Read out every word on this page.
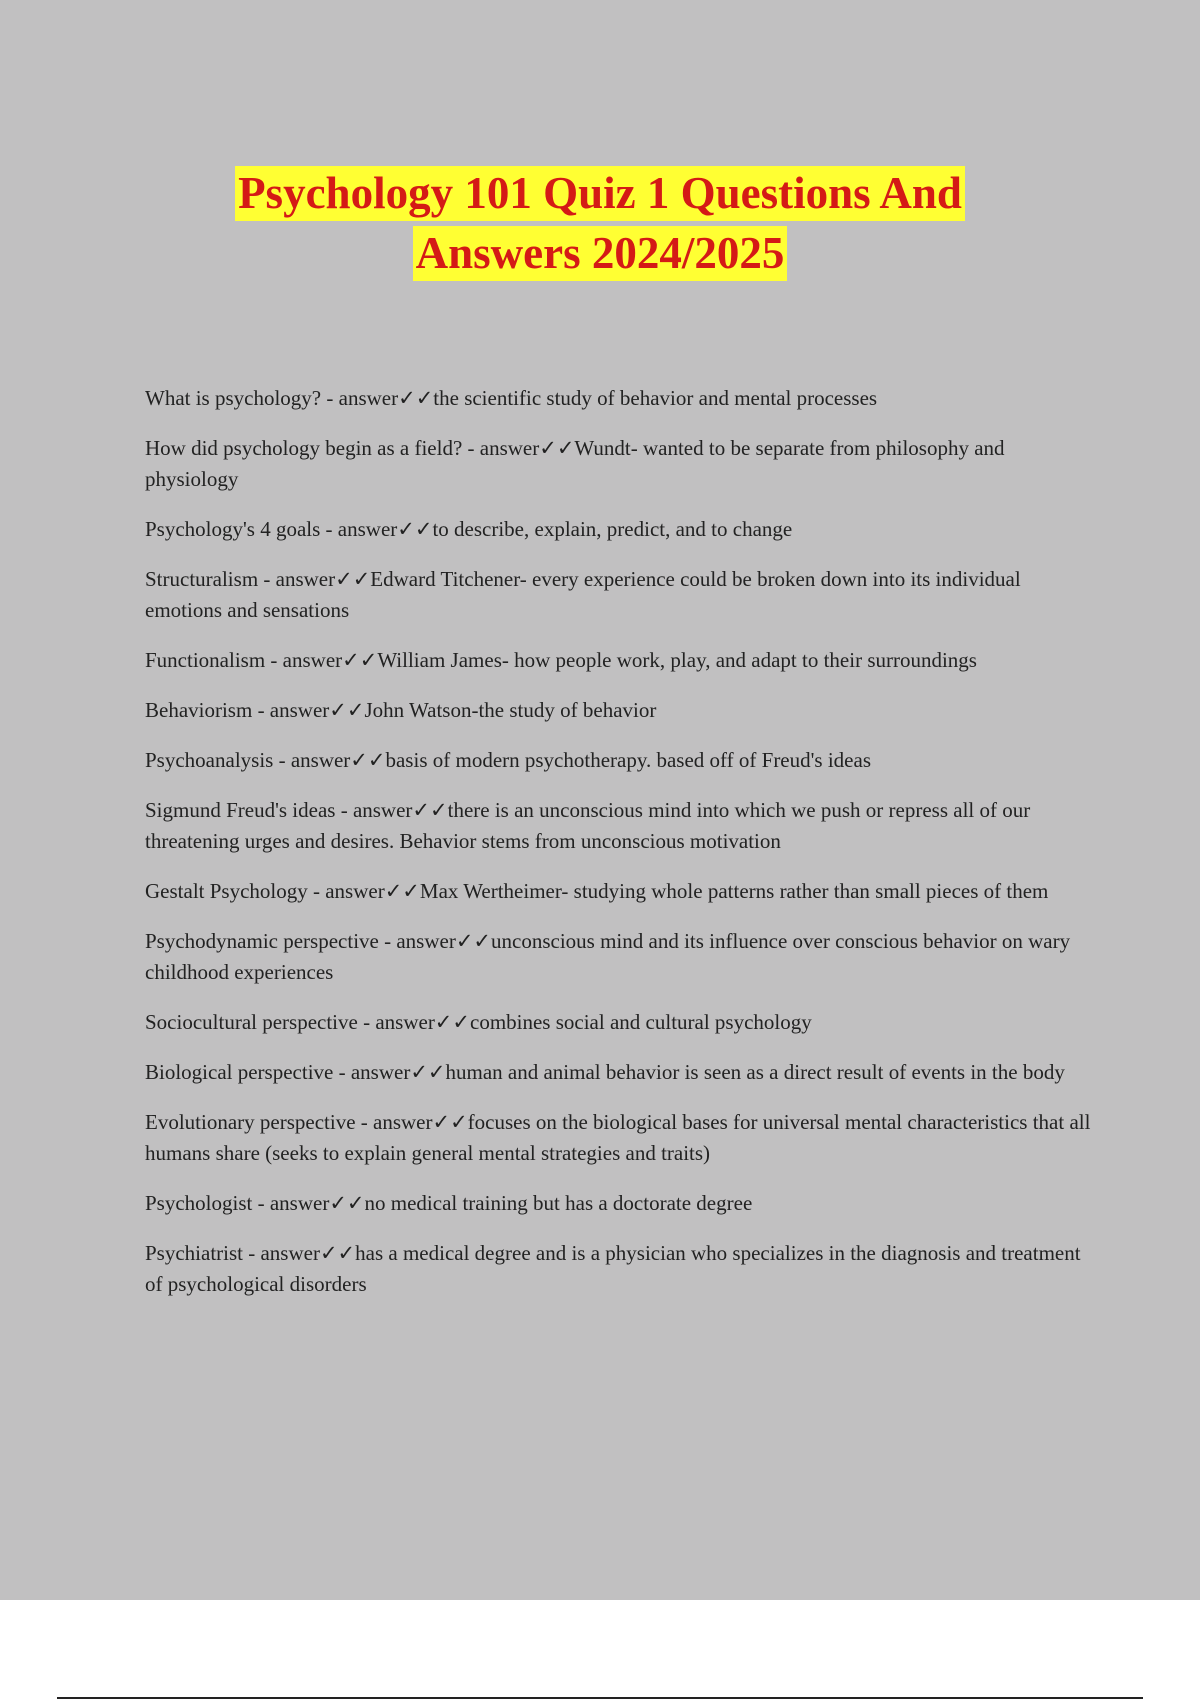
Psychology 101 Quiz 1 Questions And
Answers 2024/2025
What is psychology? - answer✓✓the scientific study of behavior and mental processes
How did psychology begin as a field? - answer✓✓Wundt- wanted to be separate from philosophy and physiology
Psychology's 4 goals - answer✓✓to describe, explain, predict, and to change
Structuralism - answer✓✓Edward Titchener- every experience could be broken down into its individual emotions and sensations
Functionalism - answer✓✓William James- how people work, play, and adapt to their surroundings
Behaviorism - answer✓✓John Watson-the study of behavior
Psychoanalysis - answer✓✓basis of modern psychotherapy. based off of Freud's ideas
Sigmund Freud's ideas - answer✓✓there is an unconscious mind into which we push or repress all of our threatening urges and desires. Behavior stems from unconscious motivation
Gestalt Psychology - answer✓✓Max Wertheimer- studying whole patterns rather than small pieces of them
Psychodynamic perspective - answer✓✓unconscious mind and its influence over conscious behavior on wary childhood experiences
Sociocultural perspective - answer✓✓combines social and cultural psychology
Biological perspective - answer✓✓human and animal behavior is seen as a direct result of events in the body
Evolutionary perspective - answer✓✓focuses on the biological bases for universal mental characteristics that all humans share (seeks to explain general mental strategies and traits)
Psychologist - answer✓✓no medical training but has a doctorate degree
Psychiatrist - answer✓✓has a medical degree and is a physician who specializes in the diagnosis and treatment of psychological disorders
